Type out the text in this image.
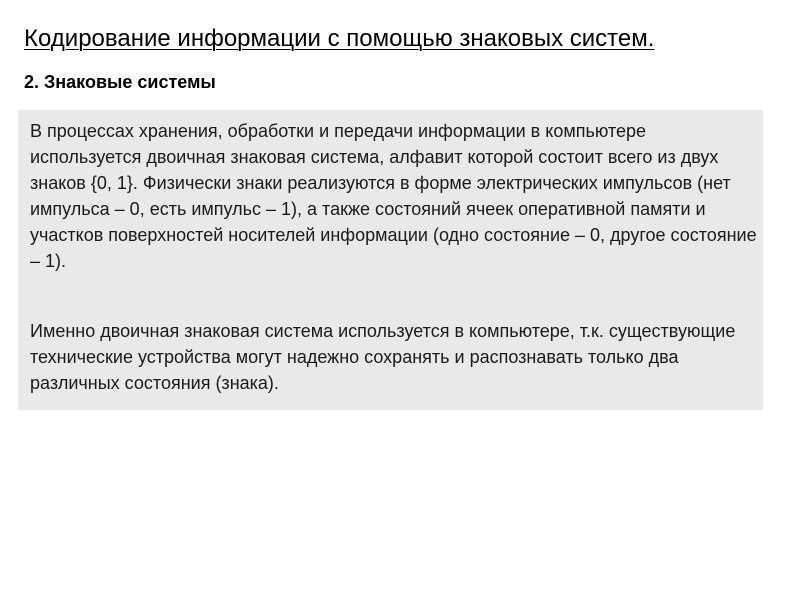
Кодирование информации с помощью знаковых систем.
2. Знаковые системы

В процессах хранения, обработки и передачи информации в компьютере используется двоичная знаковая система, алфавит которой состоит всего из двух знаков {0, 1}. Физически знаки реализуются в форме электрических импульсов (нет импульса – 0, есть импульс – 1), а также состояний ячеек оперативной памяти и участков поверхностей носителей информации (одно состояние – 0, другое состояние – 1).

Именно двоичная знаковая система используется в компьютере, т.к. существующие технические устройства могут надежно сохранять и распознавать только два различных состояния (знака).
